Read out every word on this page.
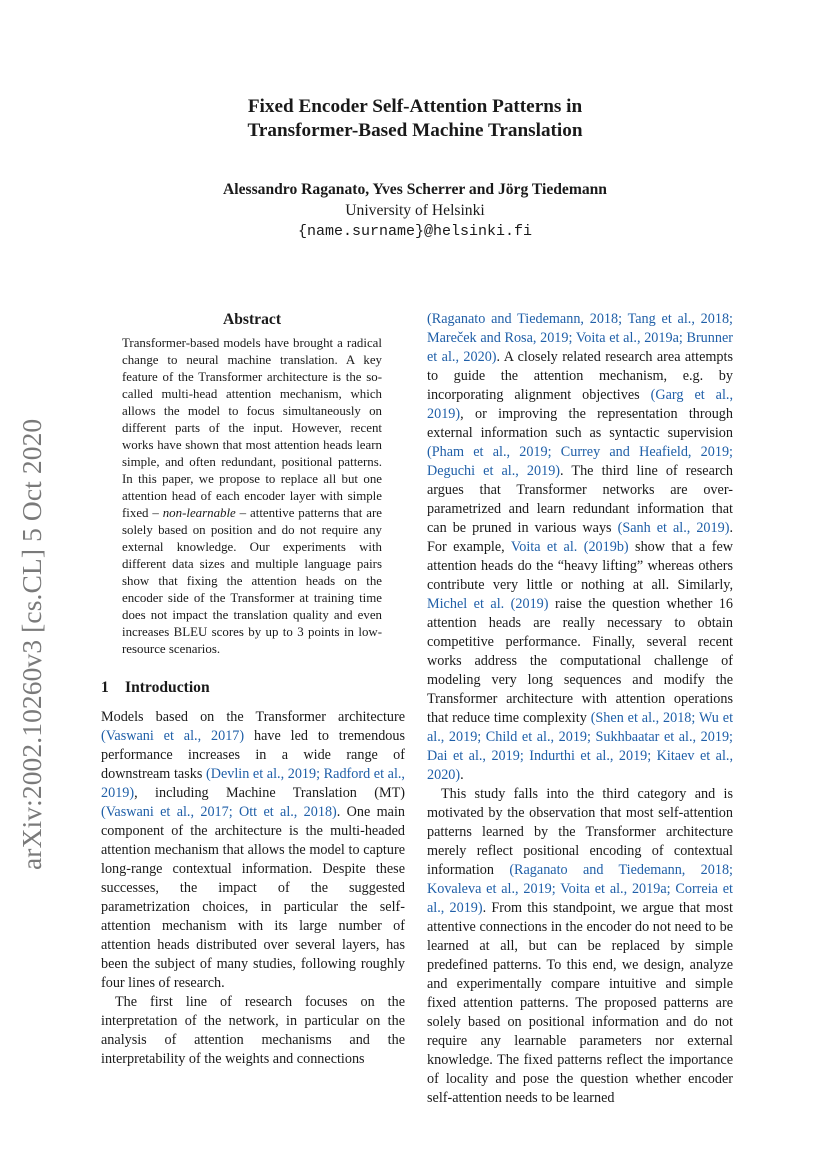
arXiv:2002.10260v3 [cs.CL] 5 Oct 2020
Fixed Encoder Self-Attention Patterns in
Transformer-Based Machine Translation
Alessandro Raganato, Yves Scherrer and Jörg Tiedemann
University of Helsinki
{name.surname}@helsinki.fi
Abstract
Transformer-based models have brought a radical change to neural machine translation. A key feature of the Transformer architecture is the so-called multi-head attention mechanism, which allows the model to focus simultaneously on different parts of the input. However, recent works have shown that most attention heads learn simple, and often redundant, positional patterns. In this paper, we propose to replace all but one attention head of each encoder layer with simple fixed – non-learnable – attentive patterns that are solely based on position and do not require any external knowledge. Our experiments with different data sizes and multiple language pairs show that fixing the attention heads on the encoder side of the Transformer at training time does not impact the translation quality and even increases BLEU scores by up to 3 points in low-resource scenarios.
1 Introduction

Models based on the Transformer architecture (Vaswani et al., 2017) have led to tremendous performance increases in a wide range of downstream tasks (Devlin et al., 2019; Radford et al., 2019), including Machine Translation (MT) (Vaswani et al., 2017; Ott et al., 2018). One main component of the architecture is the multi-headed attention mechanism that allows the model to capture long-range contextual information. Despite these successes, the impact of the suggested parametrization choices, in particular the self-attention mechanism with its large number of attention heads distributed over several layers, has been the subject of many studies, following roughly four lines of research.

The first line of research focuses on the interpretation of the network, in particular on the analysis of attention mechanisms and the interpretability of the weights and connections

(Raganato and Tiedemann, 2018; Tang et al., 2018; Mareček and Rosa, 2019; Voita et al., 2019a; Brunner et al., 2020). A closely related research area attempts to guide the attention mechanism, e.g. by incorporating alignment objectives (Garg et al., 2019), or improving the representation through external information such as syntactic supervision (Pham et al., 2019; Currey and Heafield, 2019; Deguchi et al., 2019). The third line of research argues that Transformer networks are over-parametrized and learn redundant information that can be pruned in various ways (Sanh et al., 2019). For example, Voita et al. (2019b) show that a few attention heads do the “heavy lifting” whereas others contribute very little or nothing at all. Similarly, Michel et al. (2019) raise the question whether 16 attention heads are really necessary to obtain competitive performance. Finally, several recent works address the computational challenge of modeling very long sequences and modify the Transformer architecture with attention operations that reduce time complexity (Shen et al., 2018; Wu et al., 2019; Child et al., 2019; Sukhbaatar et al., 2019; Dai et al., 2019; Indurthi et al., 2019; Kitaev et al., 2020).

This study falls into the third category and is motivated by the observation that most self-attention patterns learned by the Transformer architecture merely reflect positional encoding of contextual information (Raganato and Tiedemann, 2018; Kovaleva et al., 2019; Voita et al., 2019a; Correia et al., 2019). From this standpoint, we argue that most attentive connections in the encoder do not need to be learned at all, but can be replaced by simple predefined patterns. To this end, we design, analyze and experimentally compare intuitive and simple fixed attention patterns. The proposed patterns are solely based on positional information and do not require any learnable parameters nor external knowledge. The fixed patterns reflect the importance of locality and pose the question whether encoder self-attention needs to be learned
